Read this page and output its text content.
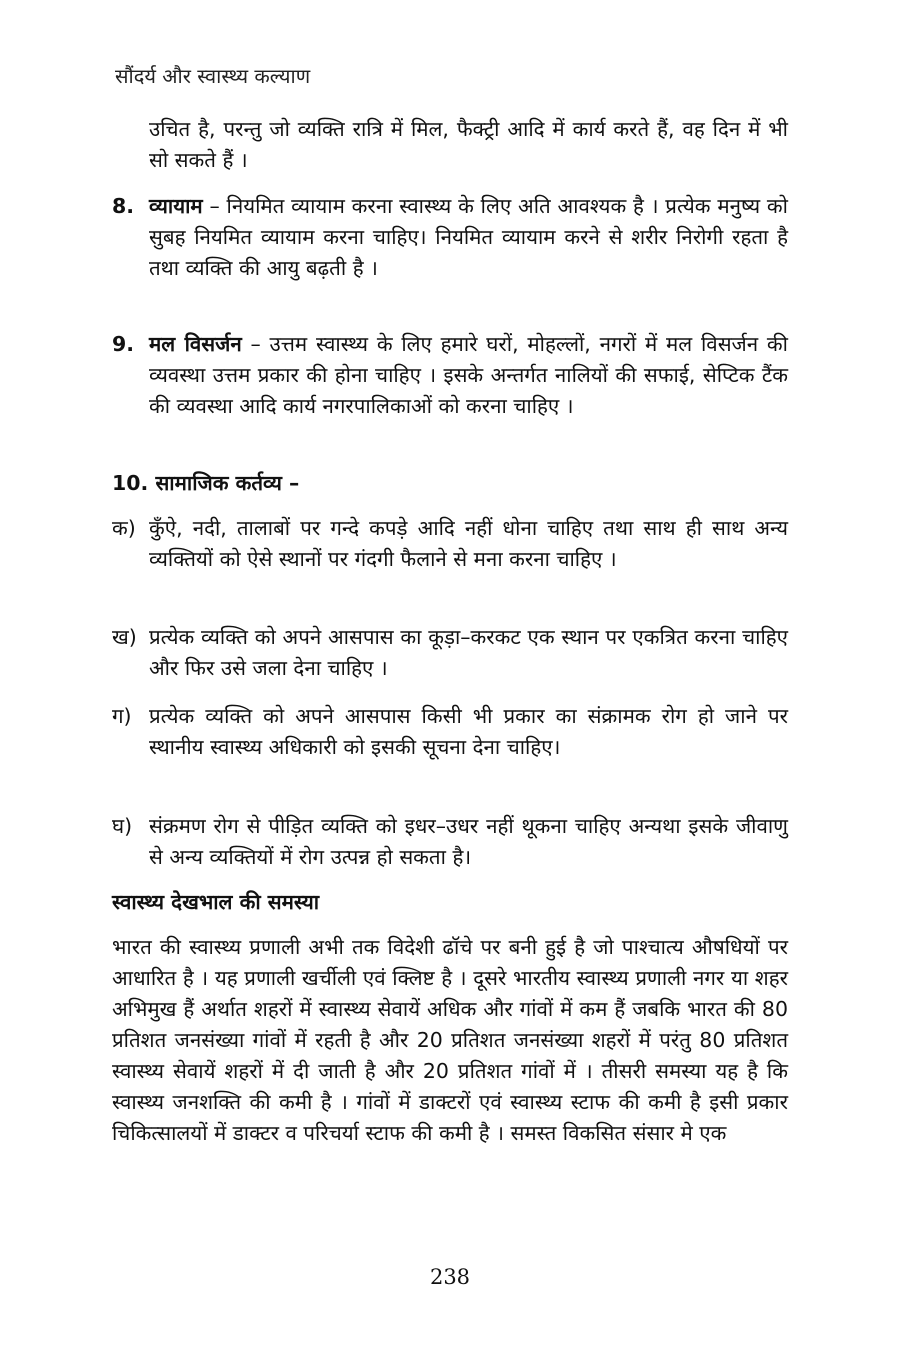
सौंदर्य और स्वास्थ्य कल्याण
उचित है, परन्तु जो व्यक्ति रात्रि में मिल, फैक्ट्री आदि में कार्य करते हैं, वह दिन में भी सो सकते हैं ।
8. व्यायाम – नियमित व्यायाम करना स्वास्थ्य के लिए अति आवश्यक है । प्रत्येक मनुष्य को सुबह नियमित व्यायाम करना चाहिए। नियमित व्यायाम करने से शरीर निरोगी रहता है तथा व्यक्ति की आयु बढ़ती है ।
9. मल विसर्जन – उत्तम स्वास्थ्य के लिए हमारे घरों, मोहल्लों, नगरों में मल विसर्जन की व्यवस्था उत्तम प्रकार की होना चाहिए । इसके अन्तर्गत नालियों की सफाई, सेप्टिक टैंक की व्यवस्था आदि कार्य नगरपालिकाओं को करना चाहिए ।
10. सामाजिक कर्तव्य –
क) कुँऐ, नदी, तालाबों पर गन्दे कपड़े आदि नहीं धोना चाहिए तथा साथ ही साथ अन्य व्यक्तियों को ऐसे स्थानों पर गंदगी फैलाने से मना करना चाहिए ।
ख) प्रत्येक व्यक्ति को अपने आसपास का कूड़ा–करकट एक स्थान पर एकत्रित करना चाहिए और फिर उसे जला देना चाहिए ।
ग) प्रत्येक व्यक्ति को अपने आसपास किसी भी प्रकार का संक्रामक रोग हो जाने पर स्थानीय स्वास्थ्य अधिकारी को इसकी सूचना देना चाहिए।
घ) संक्रमण रोग से पीड़ित व्यक्ति को इधर–उधर नहीं थूकना चाहिए अन्यथा इसके जीवाणु से अन्य व्यक्तियों में रोग उत्पन्न हो सकता है।
स्वास्थ्य देखभाल की समस्या
भारत की स्वास्थ्य प्रणाली अभी तक विदेशी ढॉचे पर बनी हुई है जो पाश्चात्य औषधियों पर आधारित है । यह प्रणाली खर्चीली एवं क्लिष्ट है । दूसरे भारतीय स्वास्थ्य प्रणाली नगर या शहर अभिमुख हैं अर्थात शहरों में स्वास्थ्य सेवायें अधिक और गांवों में कम हैं जबकि भारत की 80 प्रतिशत जनसंख्या गांवों में रहती है और 20 प्रतिशत जनसंख्या शहरों में परंतु 80 प्रतिशत स्वास्थ्य सेवायें शहरों में दी जाती है और 20 प्रतिशत गांवों में । तीसरी समस्या यह है कि स्वास्थ्य जनशक्ति की कमी है । गांवों में डाक्टरों एवं स्वास्थ्य स्टाफ की कमी है इसी प्रकार चिकित्सालयों में डाक्टर व परिचर्या स्टाफ की कमी है । समस्त विकसित संसार मे एक
238
